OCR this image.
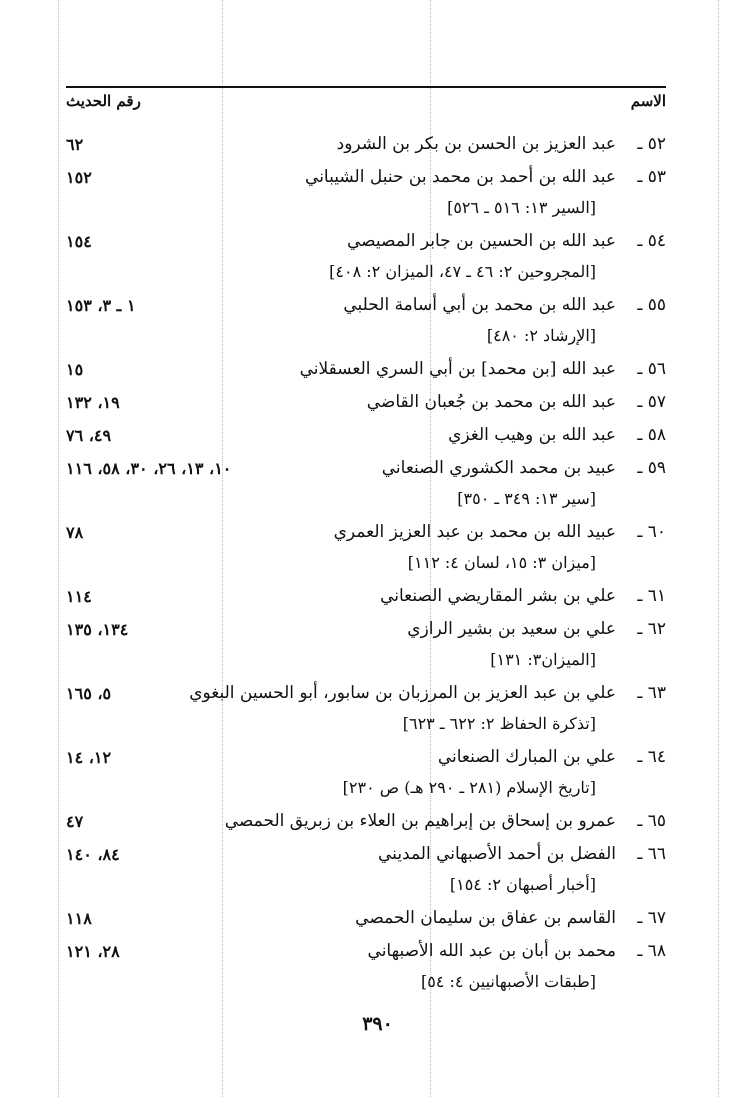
الاسم
رقم الحديث
٥٢ ـ
عبد العزيز بن الحسن بن بكر بن الشرود
٦٢
٥٣ ـ
عبد الله بن أحمد بن محمد بن حنبل الشيباني
١٥٢
[السير ١٣: ٥١٦ ـ ٥٢٦]
٥٤ ـ
عبد الله بن الحسين بن جابر المصيصي
١٥٤
[المجروحين ٢: ٤٦ ـ ٤٧، الميزان ٢: ٤٠٨]
٥٥ ـ
عبد الله بن محمد بن أبي أسامة الحلبي
١ ـ ٣، ١٥٣
[الإرشاد ٢: ٤٨٠]
٥٦ ـ
عبد الله [بن محمد] بن أبي السري العسقلاني
١٥
٥٧ ـ
عبد الله بن محمد بن جُعبان القاضي
١٩، ١٣٢
٥٨ ـ
عبد الله بن وهيب الغزي
٤٩، ٧٦
٥٩ ـ
عبيد بن محمد الكشوري الصنعاني
١٠، ١٣، ٢٦، ٣٠، ٥٨، ١١٦
[سير ١٣: ٣٤٩ ـ ٣٥٠]
٦٠ ـ
عبيد الله بن محمد بن عبد العزيز العمري
٧٨
[ميزان ٣: ١٥، لسان ٤: ١١٢]
٦١ ـ
علي بن بشر المقاريضي الصنعاني
١١٤
٦٢ ـ
علي بن سعيد بن بشير الرازي
١٣٤، ١٣٥
[الميزان٣: ١٣١]
٦٣ ـ
علي بن عبد العزيز بن المرزبان بن سابور، أبو الحسين البغوي
٥، ١٦٥
[تذكرة الحفاظ ٢: ٦٢٢ ـ ٦٢٣]
٦٤ ـ
علي بن المبارك الصنعاني
١٢، ١٤
[تاريخ الإسلام (٢٨١ ـ ٢٩٠ هـ) ص ٢٣٠]
٦٥ ـ
عمرو بن إسحاق بن إبراهيم بن العلاء بن زبريق الحمصي
٤٧
٦٦ ـ
الفضل بن أحمد الأصبهاني المديني
٨٤، ١٤٠
[أخبار أصبهان ٢: ١٥٤]
٦٧ ـ
القاسم بن عفاق بن سليمان الحمصي
١١٨
٦٨ ـ
محمد بن أبان بن عبد الله الأصبهاني
٢٨، ١٢١
[طبقات الأصبهانيين ٤: ٥٤]
٣٩٠
